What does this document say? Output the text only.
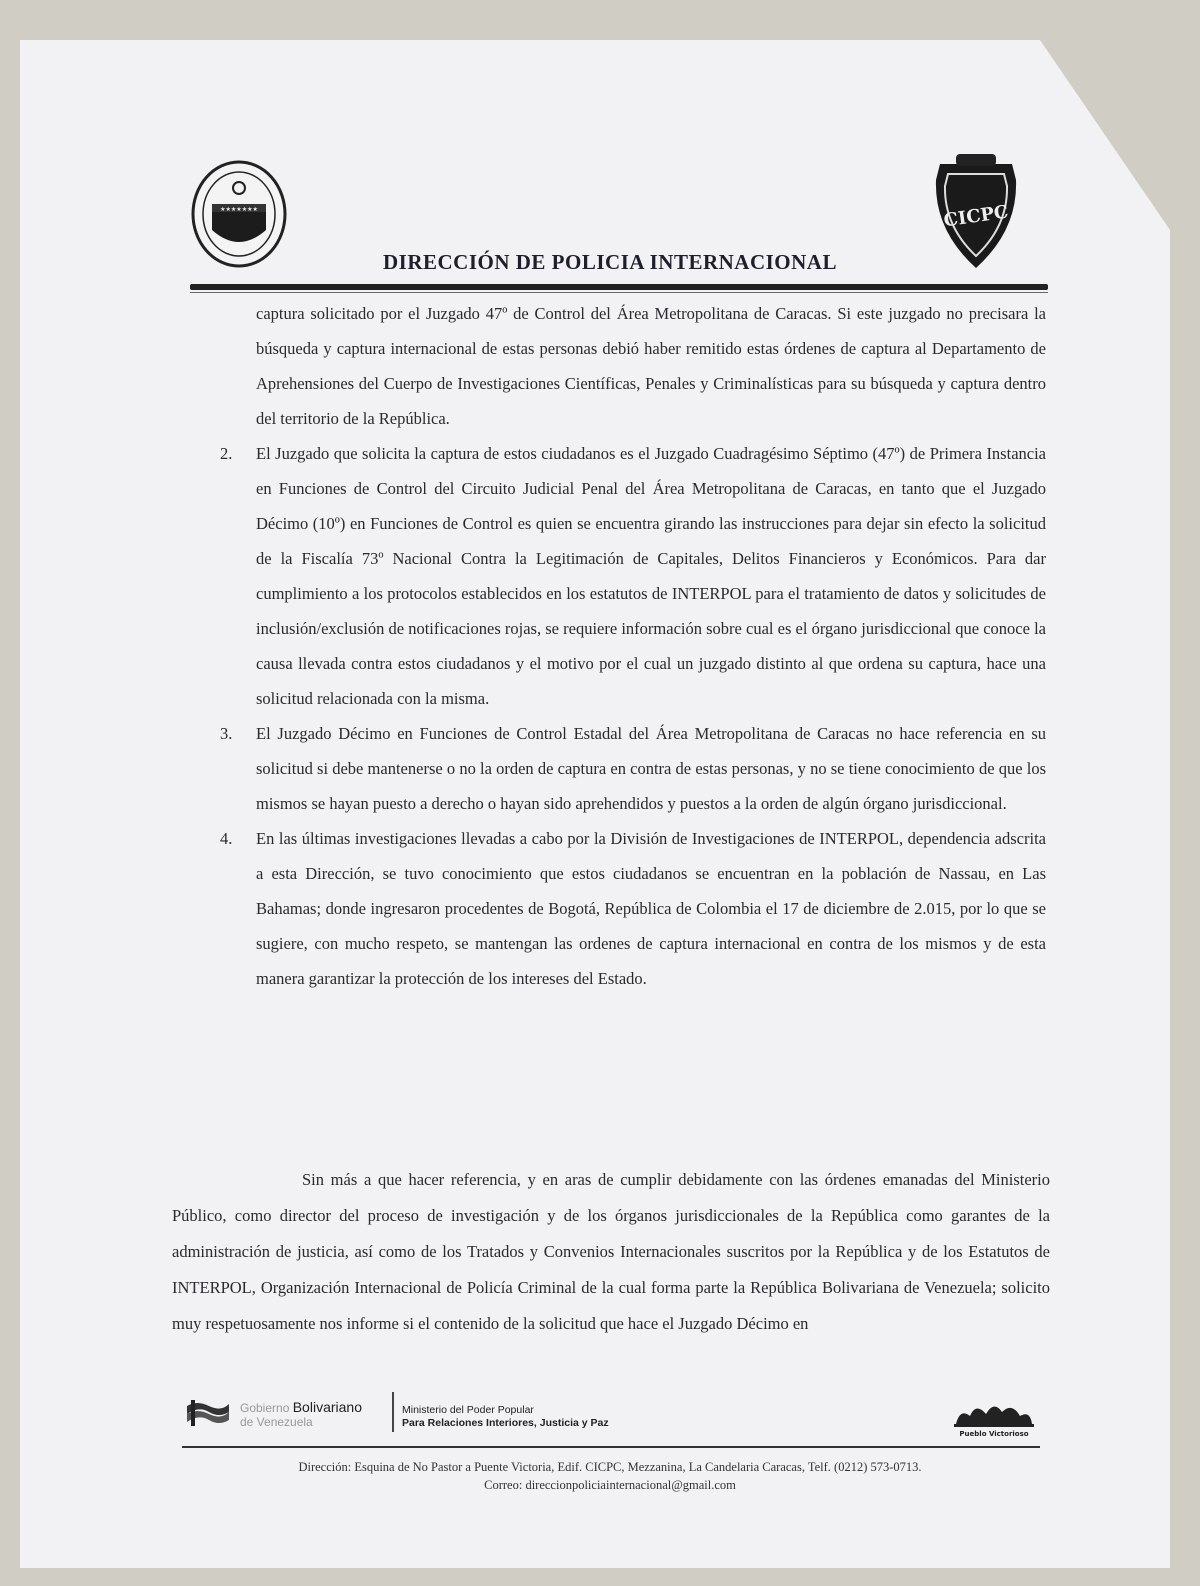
★★★★★★★	CICPC
DIRECCIÓN DE POLICIA INTERNACIONAL

captura solicitado por el Juzgado 47º de Control del Área Metropolitana de Caracas. Si este juzgado no precisara la búsqueda y captura internacional de estas personas debió haber remitido estas órdenes de captura al Departamento de Aprehensiones del Cuerpo de Investigaciones Científicas, Penales y Criminalísticas para su búsqueda y captura dentro del territorio de la República.

2. El Juzgado que solicita la captura de estos ciudadanos es el Juzgado Cuadragésimo Séptimo (47º) de Primera Instancia en Funciones de Control del Circuito Judicial Penal del Área Metropolitana de Caracas, en tanto que el Juzgado Décimo (10º) en Funciones de Control es quien se encuentra girando las instrucciones para dejar sin efecto la solicitud de la Fiscalía 73º Nacional Contra la Legitimación de Capitales, Delitos Financieros y Económicos. Para dar cumplimiento a los protocolos establecidos en los estatutos de INTERPOL para el tratamiento de datos y solicitudes de inclusión/exclusión de notificaciones rojas, se requiere información sobre cual es el órgano jurisdiccional que conoce la causa llevada contra estos ciudadanos y el motivo por el cual un juzgado distinto al que ordena su captura, hace una solicitud relacionada con la misma.
3. El Juzgado Décimo en Funciones de Control Estadal del Área Metropolitana de Caracas no hace referencia en su solicitud si debe mantenerse o no la orden de captura en contra de estas personas, y no se tiene conocimiento de que los mismos se hayan puesto a derecho o hayan sido aprehendidos y puestos a la orden de algún órgano jurisdiccional.
4. En las últimas investigaciones llevadas a cabo por la División de Investigaciones de INTERPOL, dependencia adscrita a esta Dirección, se tuvo conocimiento que estos ciudadanos se encuentran en la población de Nassau, en Las Bahamas; donde ingresaron procedentes de Bogotá, República de Colombia el 17 de diciembre de 2.015, por lo que se sugiere, con mucho respeto, se mantengan las ordenes de captura internacional en contra de los mismos y de esta manera garantizar la protección de los intereses del Estado.

Sin más a que hacer referencia, y en aras de cumplir debidamente con las órdenes emanadas del Ministerio Público, como director del proceso de investigación y de los órganos jurisdiccionales de la República como garantes de la administración de justicia, así como de los Tratados y Convenios Internacionales suscritos por la República y de los Estatutos de INTERPOL, Organización Internacional de Policía Criminal de la cual forma parte la República Bolivariana de Venezuela; solicito muy respetuosamente nos informe si el contenido de la solicitud que hace el Juzgado Décimo en

Gobierno Bolivariano
de Venezuela
Ministerio del Poder Popular
Para Relaciones Interiores, Justicia y Paz
Pueblo Victorioso
Dirección: Esquina de No Pastor a Puente Victoria, Edif. CICPC, Mezzanina, La Candelaria Caracas, Telf. (0212) 573-0713.
Correo: direccionpoliciainternacional@gmail.com
